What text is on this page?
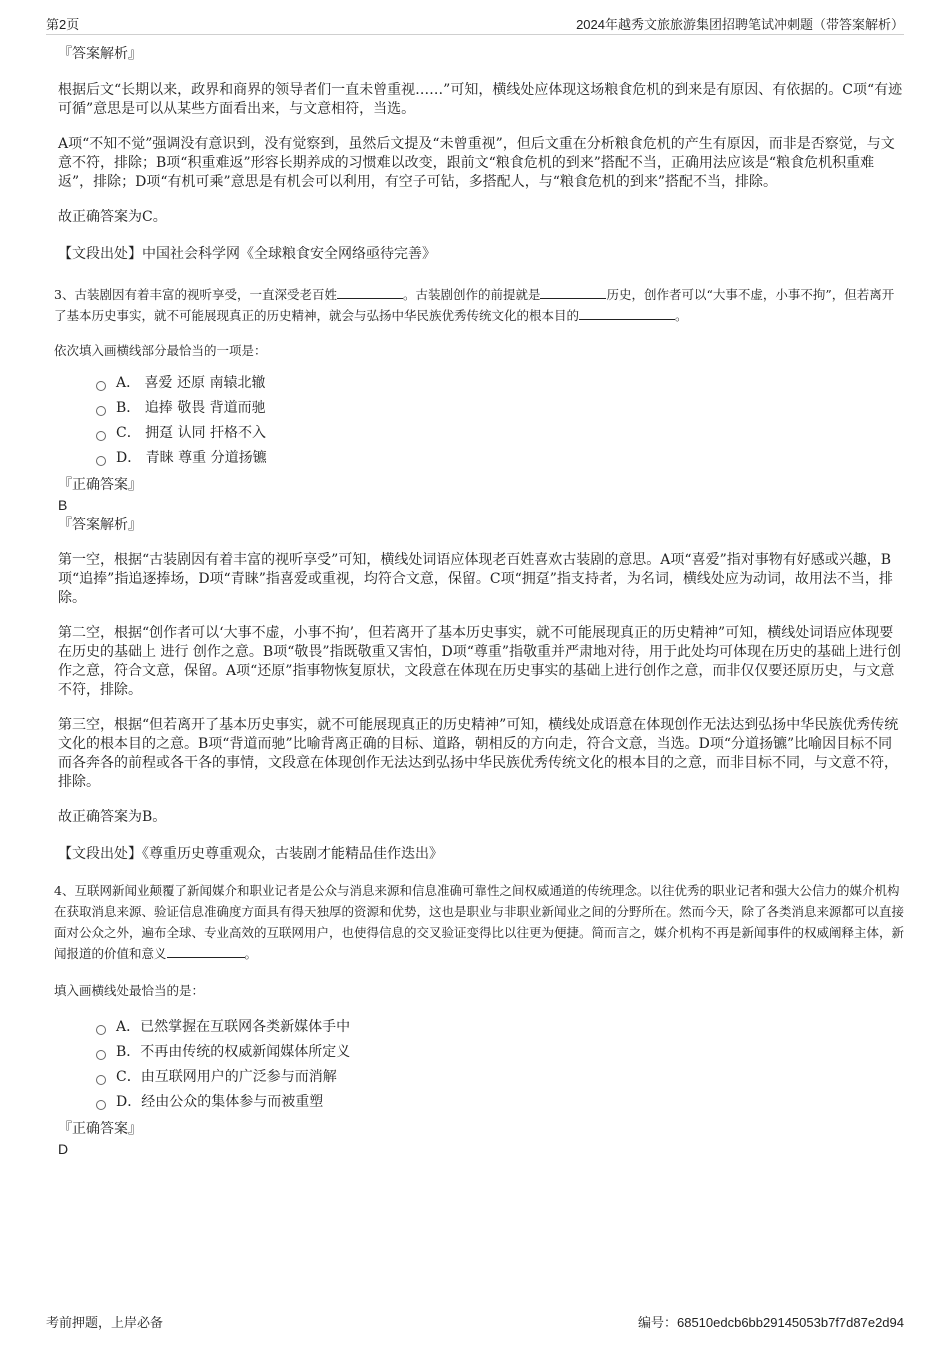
第2页	2024年越秀文旅旅游集团招聘笔试冲刺题（带答案解析）

『答案解析』

根据后文“长期以来，政界和商界的领导者们一直未曾重视……”可知，横线处应体现这场粮食危机的到来是有原因、有依据的。C项“有迹可循”意思是可以从某些方面看出来，与文意相符，当选。

A项“不知不觉”强调没有意识到，没有觉察到，虽然后文提及“未曾重视”，但后文重在分析粮食危机的产生有原因，而非是否察觉，与文意不符，排除；B项“积重难返”形容长期养成的习惯难以改变，跟前文“粮食危机的到来”搭配不当，正确用法应该是“粮食危机积重难返”，排除；D项“有机可乘”意思是有机会可以利用，有空子可钻，多搭配人，与“粮食危机的到来”搭配不当，排除。

故正确答案为C。

【文段出处】中国社会科学网《全球粮食安全网络亟待完善》

3、古装剧因有着丰富的视听享受，一直深受老百姓	。古装剧创作的前提就是	历史，创作者可以“大事不虚，小事不拘”，但若离开了基本历史事实，就不可能展现真正的历史精神，就会与弘扬中华民族优秀传统文化的根本目的	。

依次填入画横线部分最恰当的一项是：

A． 喜爱 还原 南辕北辙
B． 追捧 敬畏 背道而驰
C． 拥趸 认同 扞格不入
D． 青睐 尊重 分道扬镳

『正确答案』

B

『答案解析』

第一空，根据“古装剧因有着丰富的视听享受”可知，横线处词语应体现老百姓喜欢古装剧的意思。A项“喜爱”指对事物有好感或兴趣，B项“追捧”指追逐捧场，D项“青睐”指喜爱或重视，均符合文意，保留。C项“拥趸”指支持者，为名词，横线处应为动词，故用法不当，排除。

第二空，根据“创作者可以‘大事不虚，小事不拘’，但若离开了基本历史事实，就不可能展现真正的历史精神”可知，横线处词语应体现要在历史的基础上 进行 创作之意。B项“敬畏”指既敬重又害怕，D项“尊重”指敬重并严肃地对待，用于此处均可体现在历史的基础上进行创作之意，符合文意，保留。A项“还原”指事物恢复原状，文段意在体现在历史事实的基础上进行创作之意，而非仅仅要还原历史，与文意不符，排除。

第三空，根据“但若离开了基本历史事实，就不可能展现真正的历史精神”可知，横线处成语意在体现创作无法达到弘扬中华民族优秀传统文化的根本目的之意。B项“背道而驰”比喻背离正确的目标、道路，朝相反的方向走，符合文意，当选。D项“分道扬镳”比喻因目标不同而各奔各的前程或各干各的事情，文段意在体现创作无法达到弘扬中华民族优秀传统文化的根本目的之意，而非目标不同，与文意不符，排除。

故正确答案为B。

【文段出处】《尊重历史尊重观众，古装剧才能精品佳作迭出》

4、互联网新闻业颠覆了新闻媒介和职业记者是公众与消息来源和信息准确可靠性之间权威通道的传统理念。以往优秀的职业记者和强大公信力的媒介机构在获取消息来源、验证信息准确度方面具有得天独厚的资源和优势，这也是职业与非职业新闻业之间的分野所在。然而今天，除了各类消息来源都可以直接面对公众之外，遍布全球、专业高效的互联网用户，也使得信息的交叉验证变得比以往更为便捷。简而言之，媒介机构不再是新闻事件的权威阐释主体，新闻报道的价值和意义	。

填入画横线处最恰当的是：

A．已然掌握在互联网各类新媒体手中
B．不再由传统的权威新闻媒体所定义
C．由互联网用户的广泛参与而消解
D．经由公众的集体参与而被重塑

『正确答案』

D

考前押题，上岸必备	编号：68510edcb6bb29145053b7f7d87e2d94
